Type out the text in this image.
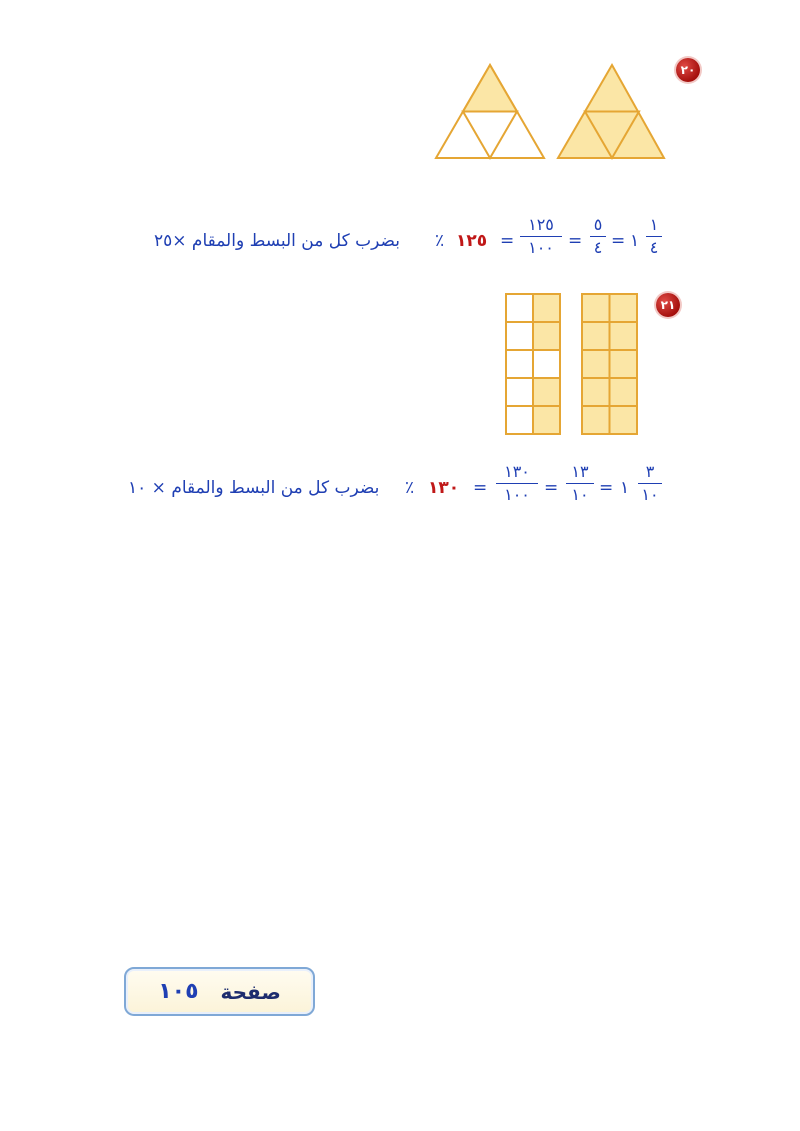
٢٠
بضرب كل من البسط والمقام ×٢٥ ٪ ١٢٥ =
١٢٥
١٠٠ =
٥
٤ = ١
١
٤
٢١
بضرب كل من البسط والمقام × ١٠ ٪ ١٣٠ =
١٣٠
١٠٠ =
١٣
١٠ = ١
٣
١٠
١٠٥ صفحة
